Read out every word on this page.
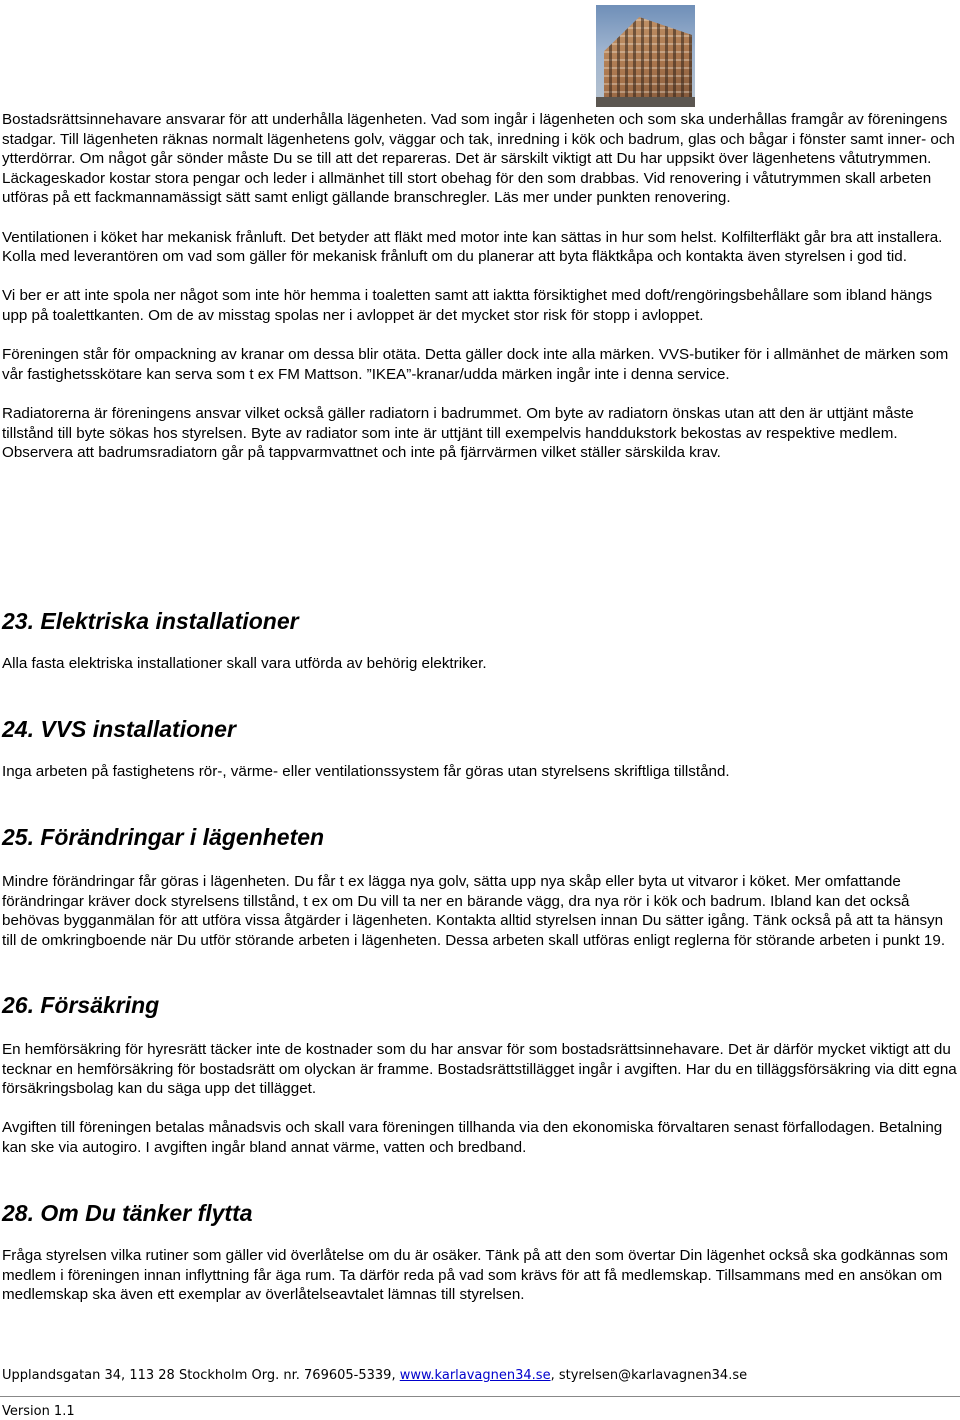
Bostadsrättsinnehavare ansvarar för att underhålla lägenheten. Vad som ingår i lägenheten och som ska underhållas framgår av föreningens stadgar. Till lägenheten räknas normalt lägenhetens golv, väggar och tak, inredning i kök och badrum, glas och bågar i fönster samt inner- och ytterdörrar. Om något går sönder måste Du se till att det repareras. Det är särskilt viktigt att Du har uppsikt över lägenhetens våtutrymmen. Läckageskador kostar stora pengar och leder i allmänhet till stort obehag för den som drabbas. Vid renovering i våtutrymmen skall arbeten utföras på ett fackmannamässigt sätt samt enligt gällande branschregler. Läs mer under punkten renovering.

Ventilationen i köket har mekanisk frånluft. Det betyder att fläkt med motor inte kan sättas in hur som helst. Kolfilterfläkt går bra att installera. Kolla med leverantören om vad som gäller för mekanisk frånluft om du planerar att byta fläktkåpa och kontakta även styrelsen i god tid.

Vi ber er att inte spola ner något som inte hör hemma i toaletten samt att iaktta försiktighet med doft/rengöringsbehållare som ibland hängs upp på toalettkanten. Om de av misstag spolas ner i avloppet är det mycket stor risk för stopp i avloppet.

Föreningen står för ompackning av kranar om dessa blir otäta. Detta gäller dock inte alla märken. VVS-butiker för i allmänhet de märken som vår fastighetsskötare kan serva som t ex FM Mattson. ”IKEA”-kranar/udda märken ingår inte i denna service.

Radiatorerna är föreningens ansvar vilket också gäller radiatorn i badrummet. Om byte av radiatorn önskas utan att den är uttjänt måste tillstånd till byte sökas hos styrelsen. Byte av radiator som inte är uttjänt till exempelvis handdukstork bekostas av respektive medlem. Observera att badrumsradiatorn går på tappvarmvattnet och inte på fjärrvärmen vilket ställer särskilda krav.

23. Elektriska installationer

Alla fasta elektriska installationer skall vara utförda av behörig elektriker.

24. VVS installationer

Inga arbeten på fastighetens rör-, värme- eller ventilationssystem får göras utan styrelsens skriftliga tillstånd.

25. Förändringar i lägenheten

Mindre förändringar får göras i lägenheten. Du får t ex lägga nya golv, sätta upp nya skåp eller byta ut vitvaror i köket. Mer omfattande förändringar kräver dock styrelsens tillstånd, t ex om Du vill ta ner en bärande vägg, dra nya rör i kök och badrum. Ibland kan det också behövas bygganmälan för att utföra vissa åtgärder i lägenheten. Kontakta alltid styrelsen innan Du sätter igång. Tänk också på att ta hänsyn till de omkringboende när Du utför störande arbeten i lägenheten. Dessa arbeten skall utföras enligt reglerna för störande arbeten i punkt 19.

26. Försäkring

En hemförsäkring för hyresrätt täcker inte de kostnader som du har ansvar för som bostadsrättsinnehavare. Det är därför mycket viktigt att du tecknar en hemförsäkring för bostadsrätt om olyckan är framme. Bostadsrättstillägget ingår i avgiften. Har du en tilläggsförsäkring via ditt egna försäkringsbolag kan du säga upp det tillägget.

Avgiften till föreningen betalas månadsvis och skall vara föreningen tillhanda via den ekonomiska förvaltaren senast förfallodagen. Betalning kan ske via autogiro. I avgiften ingår bland annat värme, vatten och bredband.

28. Om Du tänker flytta

Fråga styrelsen vilka rutiner som gäller vid överlåtelse om du är osäker. Tänk på att den som övertar Din lägenhet också ska godkännas som medlem i föreningen innan inflyttning får äga rum. Ta därför reda på vad som krävs för att få medlemskap. Tillsammans med en ansökan om medlemskap ska även ett exemplar av överlåtelseavtalet lämnas till styrelsen.

Upplandsgatan 34, 113 28 Stockholm Org. nr. 769605-5339, www.karlavagnen34.se, styrelsen@karlavagnen34.se
Version 1.1
